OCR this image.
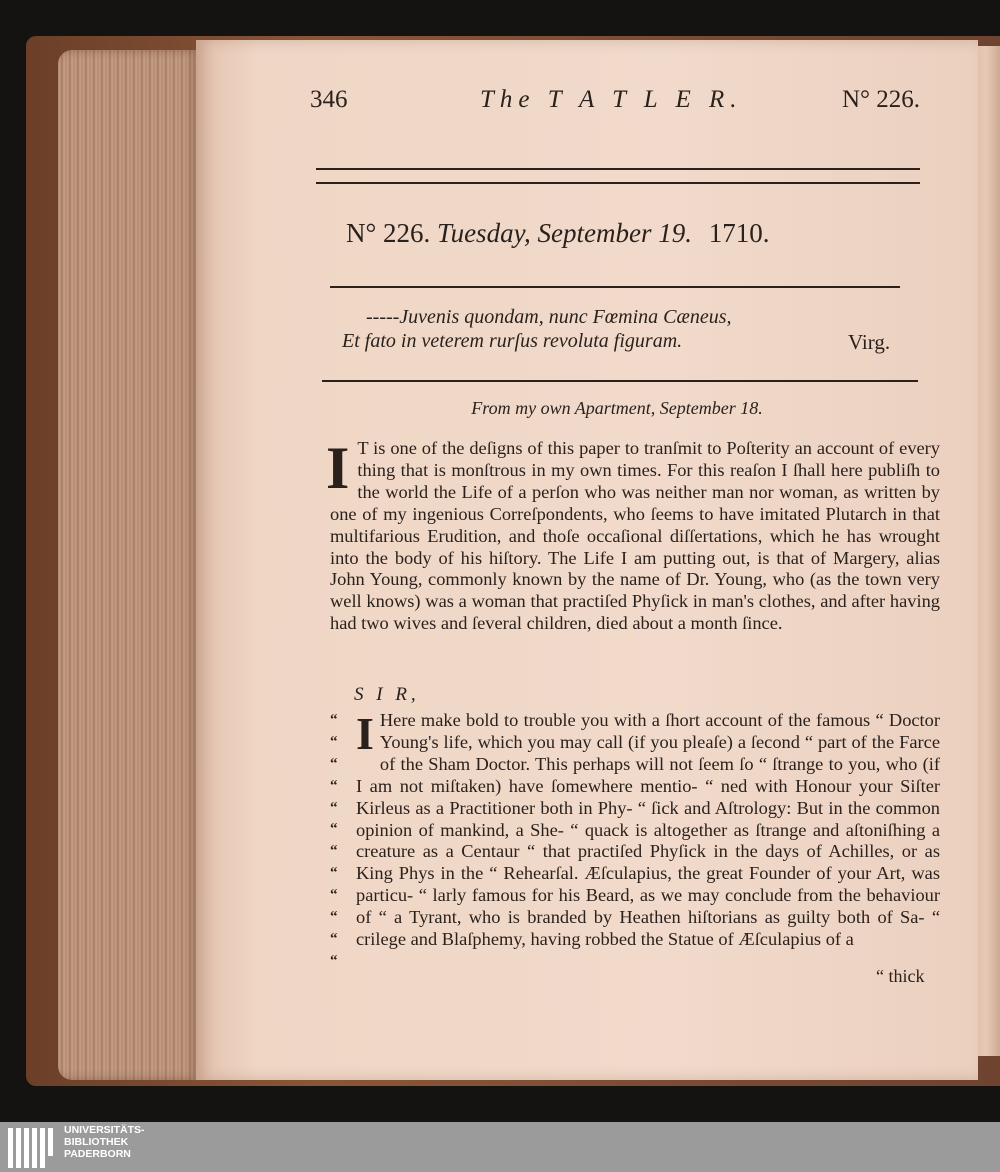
346	The T A T L E R.	N° 226.
N° 226. Tuesday, September 19. 1710.
-----Juvenis quondam, nunc Fœmina Cæneus,
Et fato in veterem rurſus revoluta figuram.	Virg.
From my own Apartment, September 18.
I T is one of the deſigns of this paper to tranſmit to Poſterity an account of every thing that is monſtrous in my own times. For this reaſon I ſhall here publiſh to the world the Life of a perſon who was neither man nor woman, as written by one of my ingenious Correſpondents, who ſeems to have imitated Plutarch in that multifarious Erudition, and thoſe occaſional diſſertations, which he has wrought into the body of his hiſtory. The Life I am putting out, is that of Margery, alias John Young, commonly known by the name of Dr. Young, who (as the town very well knows) was a woman that practiſed Phyſick in man's clothes, and after having had two wives and ſeveral children, died about a month ſince.
S I R,
“
“
“
“
“
“
“
“
“
“
“
“
I Here make bold to trouble you with a ſhort account of the famous “ Doctor Young's life, which you may call (if you pleaſe) a ſecond “ part of the Farce of the Sham Doctor. This perhaps will not ſeem ſo “ ſtrange to you, who (if I am not miſtaken) have ſomewhere mentio- “ ned with Honour your Siſter Kirleus as a Practitioner both in Phy- “ ſick and Aſtrology: But in the common opinion of mankind, a She- “ quack is altogether as ſtrange and aſtoniſhing a creature as a Centaur “ that practiſed Phyſick in the days of Achilles, or as King Phys in the “ Rehearſal. Æſculapius, the great Founder of your Art, was particu- “ larly famous for his Beard, as we may conclude from the behaviour of “ a Tyrant, who is branded by Heathen hiſtorians as guilty both of Sa- “ crilege and Blaſphemy, having robbed the Statue of Æſculapius of a
“ thick
UNIVERSITÄTS-
BIBLIOTHEK
PADERBORN
